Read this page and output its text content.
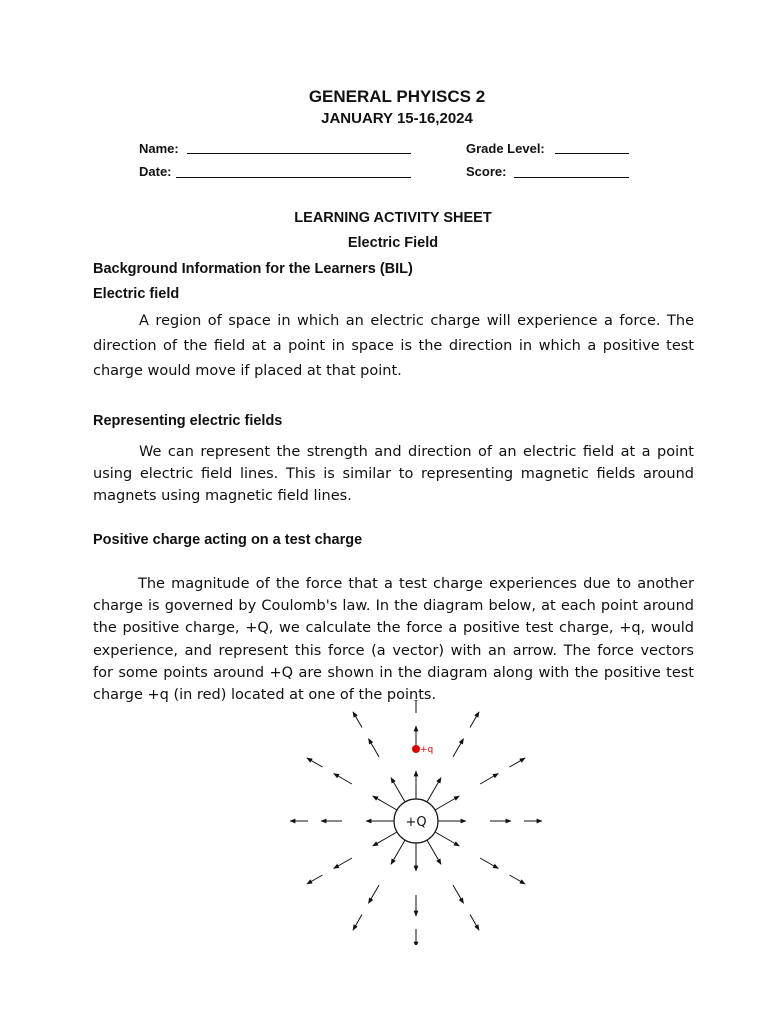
GENERAL PHYISCS 2
JANUARY 15-16,2024
Name:	Grade Level:
Date:	Score:
LEARNING ACTIVITY SHEET
Electric Field
Background Information for the Learners (BIL)
Electric field

A region of space in which an electric charge will experience a force. The direction of the field at a point in space is the direction in which a positive test charge would move if placed at that point.

Representing electric fields

We can represent the strength and direction of an electric field at a point using electric field lines. This is similar to representing magnetic fields around magnets using magnetic field lines.

Positive charge acting on a test charge

The magnitude of the force that a test charge experiences due to another charge is governed by Coulomb's law. In the diagram below, at each point around the positive charge, +Q, we calculate the force a positive test charge, +q, would experience, and represent this force (a vector) with an arrow. The force vectors for some points around +Q are shown in the diagram along with the positive test charge +q (in red) located at one of the points.

+Q
+q
